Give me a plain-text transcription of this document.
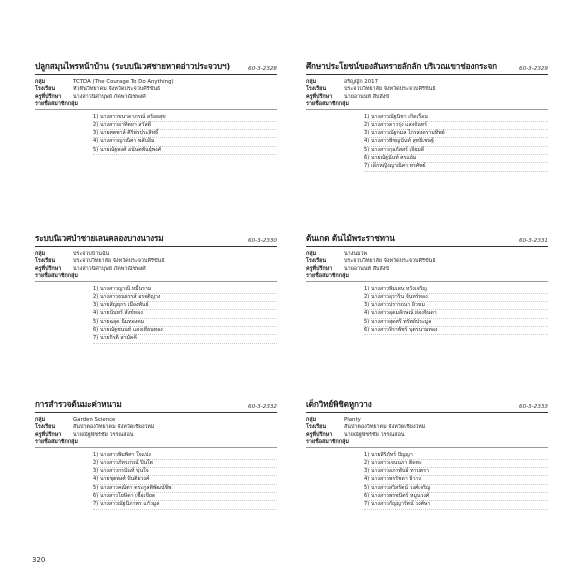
ปลูกสมุนไพรหน้าบ้าน (ระบบนิเวศชายหาดอ่าวประจวบฯ)	60-3-2328
กลุ่ม	TCTDA (The Courage To Do Anything)
โรงเรียน	หัวหินวิทยาคม จังหวัดประจวบคีรีขันธ์
ครูที่ปรึกษา	นางสาวนิศาบุษย์ ภัคพาณิชพงศ์
รายชื่อสมาชิกกลุ่ม
1) นางสาวขนาดาภรณ์ สร้อยสุข
2) นางสาวอาทิตยา สวัสดี
3) นายศตพาส์ ศิริพรประสิทธิ์
4) นางสาวญาณิศา พลับอิ่ม
5) นายณัฐพงศ์ อนันตพันธุ์พงศ์
ศึกษาประโยชน์ของสันทรายลักลัก บริเวณเขาช่องกระจก	60-3-2329
กลุ่ม	อริญญัก 2017
โรงเรียน	ประจวบวิทยาลัย จังหวัดประจวบคีรีขันธ์
ครูที่ปรึกษา	นายอานนท์ สืบสังข์
รายชื่อสมาชิกกลุ่ม
1) นางสาวณัฐนิชา เกิดเรือน
2) นางสาวดาวรุ่ง แสงจันทร์
3) นางสาวณัฐกมล ไกรสงครามทิพย์
4) นางสาวพิชญนันท์ สุทธิเชษฐ์
5) นางสาวกุลภัสสร์ เจียมดี
6) นายณัฐนันท์ ศรแอ้ม
7) เด็กหญิงญาณิศา ทรศัพย์
ระบบนิเวศป่าชายเลนคลองบางนางรม	60-3-2330
กลุ่ม	ประจวบบ้านฉัน
โรงเรียน	ประจวบวิทยาลัย จังหวัดประจวบคีรีขันธ์
ครูที่ปรึกษา	นางสาวนิศาบุษย์ ภัคพาณิชพงศ์
รายชื่อสมาชิกกลุ่ม
1) นางสาวญาณี หมื่นราม
2) นางสาวธนธรรส์ อรจติญาง
3) นายสัญยุกร เมืองพันธ์
4) นายนันทร์ สังข์ทอง
5) นายฉลุด นิ่มทองคม
6) นายณัฐชนนท์ แสงเทียนทอง
7) นายกิรติ สามัคคี
ต้นเกด ต้นไม้พระราชทาน	60-3-2331
กลุ่ม	นางนมโพ
โรงเรียน	ประจวบวิทยาลัย จังหวัดประจวบคีรีขันธ์
ครูที่ปรึกษา	นายอานนท์ สืบสังข์
รายชื่อสมาชิกกลุ่ม
1) นางสาวพิมเสน หวังเจริญ
2) นางสาวอุราริน จันทร์ทอง
3) นางสาวปรารถนา ผิวขม
4) นางสาวอุดมลักษณ์ ผ่องจินดา
5) นางสาวสุดศรี ทรัพย์ประมูล
6) นางสาวจิราพัชร์ บุตรนามทอง
การสำรวจต้นมะค่าหนาม	60-3-2332
กลุ่ม	Garden Science
โรงเรียน	สันป่าตองวิทยาคม จังหวัดเชียงใหม่
ครูที่ปรึกษา	นายณัฐพัชร์ชัย วรรณสอน
รายชื่อสมาชิกกลุ่ม
1) นางสาวพิมพิศา ใจแปง
2) นางสาวภัทรภรณ์ ปินใต
3) นางสาวกรนันท์ ขุ่นใจ
4) นายชุตพงศ์ ปันติยวงศ์
5) นางสาวคณิตา ตระกูลพิพัฒน์ชีพ
6) นางสาวโยษิตา เชื้อเขียด
7) นางสาวณัฐนิภาพร แก้วมูล
เด็กวิทย์พิชิตหูกวาง	60-3-2333
กลุ่ม	Planty
โรงเรียน	สันป่าตองวิทยาคม จังหวัดเชียงใหม่
ครูที่ปรึกษา	นายณัฐพัชร์ชัย วรรณสอน
รายชื่อสมาชิกกลุ่ม
1) นายสิริภัทร์ ปัญญา
2) นางสาวเจนนภา ติดทะ
3) นางสาวอภาพันธ์ ทาบตรา
4) นางสาวพรรัชดา ธิวาง
5) นางสาวสวิสรัตน์ วงศ์เจริญ
6) นางสาวพรชนิตร์ หมูนวงศ์
7) นางสาวกัญญารัตน์ วงศ์ษา
320
